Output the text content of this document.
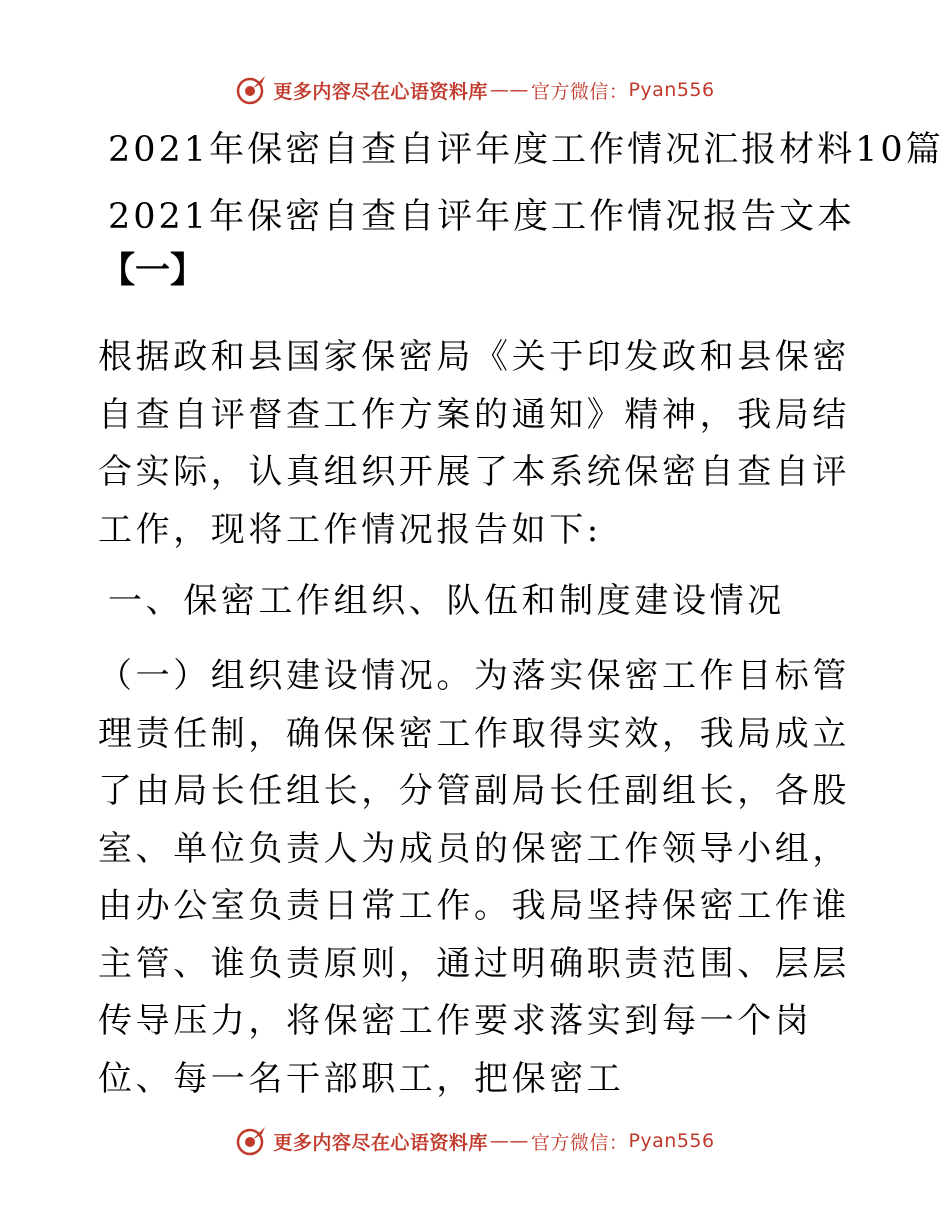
更多内容尽在心语资料库 —— 官方微信： Pyan556
2021年保密自查自评年度工作情况汇报材料10篇
2021年保密自查自评年度工作情况报告文本
【一】

根据政和县国家保密局《关于印发政和县保密自查自评督查工作方案的通知》精神，我局结合实际，认真组织开展了本系统保密自查自评工作，现将工作情况报告如下:

一、保密工作组织、队伍和制度建设情况

（一）组织建设情况。为落实保密工作目标管理责任制，确保保密工作取得实效，我局成立了由局长任组长，分管副局长任副组长，各股室、单位负责人为成员的保密工作领导小组，由办公室负责日常工作。我局坚持保密工作谁主管、谁负责原则，通过明确职责范围、层层传导压力，将保密工作要求落实到每一个岗位、每一名干部职工，把保密工

更多内容尽在心语资料库 —— 官方微信： Pyan556
